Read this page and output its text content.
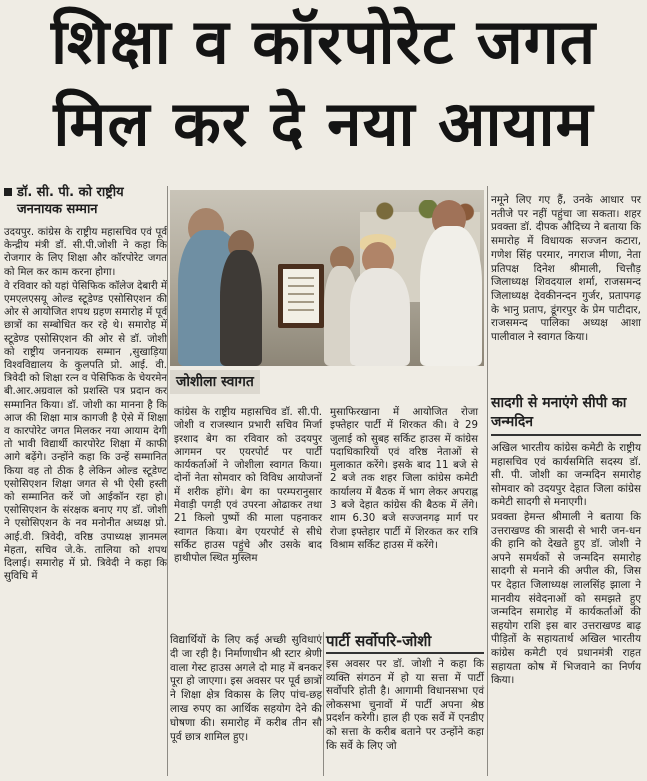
शिक्षा व कॉरपोरेट जगत
मिल कर दे नया आयाम
डॉ. सी. पी. को राष्ट्रीय जननायक सम्मान

उदयपुर. कांग्रेस के राष्ट्रीय महासचिव एवं पूर्व केन्द्रीय मंत्री डॉ. सी.पी.जोशी ने कहा कि रोजगार के लिए शिक्षा और कॉरपोरेट जगत को मिल कर काम करना होगा।

वे रविवार को यहां पेसिफिक कॉलेज देबारी में एमएलएसयू ओल्ड स्टूडेण्ड एसोसिएशन की ओर से आयोजित शपथ ग्रहण समारोह में पूर्व छात्रों का सम्बोधित कर रहे थे। समारोह में स्टूडेण्ड एसोसिएशन की ओर से डॉ. जोशी को राष्ट्रीय जननायक सम्मान ,सुखाड़िया विश्वविद्यालय के कुलपति प्रो. आई. वी. त्रिवेदी को शिक्षा रत्न व पेसिफिक के चेयरमेन बी.आर.अग्रवाल को प्रशस्ति पत्र प्रदान कर सम्मानित किया। डॉ. जोशी का मानना है कि आज की शिक्षा मात्र कागजी है ऐसे में शिक्षा व कारपोरेट जगत मिलकर नया आयाम देगी तो भावी विद्यार्थी कारपोरेट शिक्षा में काफी आगे बढ़ेंगे। उन्होंने कहा कि उन्हें सम्मानित किया वह तो ठीक है लेकिन ओल्ड स्टूडेण्ट एसोसिएशन शिक्षा जगत से भी ऐसी हस्ती को सम्मानित करें जो आईकॉन रहा हो। एसोसिएशन के संरक्षक बनाए गए डॉ. जोशी ने एसोसिएशन के नव मनोनीत अध्यक्ष प्रो. आई.वी. त्रिवेदी, वरिष्ठ उपाध्यक्ष ज्ञानमल मेहता, सचिव जे.के. तालिया को शपथ दिलाई। समारोह में प्रो. त्रिवेदी ने कहा कि सुविधि में

जोशीला स्वागत
कांग्रेस के राष्ट्रीय महासचिव डॉ. सी.पी. जोशी व राजस्थान प्रभारी सचिव मिर्जा इरशाद बेग का रविवार को उदयपुर आगमन पर एयरपोर्ट पर पार्टी कार्यकर्ताओं ने जोशीला स्वागत किया। दोनों नेता सोमवार को विविध आयोजनों में शरीक होंगे। बेग का परम्परानुसार मेवाड़ी पगड़ी एवं उपरना ओढाकर तथा 21 किलो पुष्पों की माला पहनाकर स्वागत किया। बेग एयरपोर्ट से सीधे सर्किट हाउस पहुंचे और उसके बाद हाथीपोल स्थित मुस्लिम
मुसाफिरखाना में आयोजित रोजा इफ्तेहार पार्टी में शिरकत की। वे 29 जुलाई को सुबह सर्किट हाउस में कांग्रेस पदाधिकारियों एवं वरिष्ठ नेताओं से मुलाकात करेंगे। इसके बाद 11 बजे से 2 बजे तक शहर जिला कांग्रेस कमेटी कार्यालय में बैठक में भाग लेकर अपराह्न 3 बजे देहात कांग्रेस की बैठक में लेंगे। शाम 6.30 बजे सज्जनगढ़ मार्ग पर रोजा इफ्तेहार पार्टी में शिरकत कर रात्रि विश्राम सर्किट हाउस में करेंगे।
विद्यार्थियों के लिए कई अच्छी सुविधाएं दी जा रही है। निर्माणाधीन श्री स्टार श्रेणी वाला गेस्ट हाउस अगले दो माह में बनकर पूरा हो जाएगा। इस अवसर पर पूर्व छात्रों ने शिक्षा क्षेत्र विकास के लिए पांच-छह लाख रुपए का आर्थिक सहयोग देने की घोषणा की। समारोह में करीब तीन सौ पूर्व छात्र शामिल हुए।
पार्टी सर्वोपरि-जोशी
इस अवसर पर डॉ. जोशी ने कहा कि व्यक्ति संगठन में हो या सत्ता में पार्टी सर्वोपरि होती है। आगामी विधानसभा एवं लोकसभा चुनावों में पार्टी अपना श्रेष्ठ प्रदर्शन करेगी। हाल ही एक सर्वे में एनडीए को सत्ता के करीब बताने पर उन्होंने कहा कि सर्वे के लिए जो
नमूने लिए गए हैं, उनके आधार पर नतीजे पर नहीं पहुंचा जा सकता। शहर प्रवक्ता डॉ. दीपक औदिच्य ने बताया कि समारोह में विधायक सज्जन कटारा, गणेश सिंह परमार, नगराज मीणा, नेता प्रतिपक्ष दिनेश श्रीमाली, चित्तौड़ जिलाध्यक्ष शिवदयाल शर्मा, राजसमन्द जिलाध्यक्ष देवकीनन्दन गुर्जर, प्रतापगढ़ के भानु प्रताप, डूंगरपुर के प्रेम पाटीदार, राजसमन्द पालिका अध्यक्ष आशा पालीवाल ने स्वागत किया।
सादगी से मनाएंगे सीपी का जन्मदिन

अखिल भारतीय कांग्रेस कमेटी के राष्ट्रीय महासचिव एवं कार्यसमिति सदस्य डॉ. सी. पी. जोशी का जन्मदिन समारोह सोमवार को उदयपुर देहात जिला कांग्रेस कमेटी सादगी से मनाएगी।

प्रवक्ता हेमन्त श्रीमाली ने बताया कि उत्तराखण्ड की त्रासदी से भारी जन-धन की हानि को देखते हुए डॉ. जोशी ने अपने समर्थकों से जन्मदिन समारोह सादगी से मनाने की अपील की, जिस पर देहात जिलाध्यक्ष लालसिंह झाला ने मानवीय संवेदनाओं को समझते हुए जन्मदिन समारोह में कार्यकर्ताओं की सहयोग राशि इस बार उत्तराखण्ड बाढ़ पीड़ितों के सहायतार्थ अखिल भारतीय कांग्रेस कमेटी एवं प्रधानमंत्री राहत सहायता कोष में भिजवाने का निर्णय किया।
